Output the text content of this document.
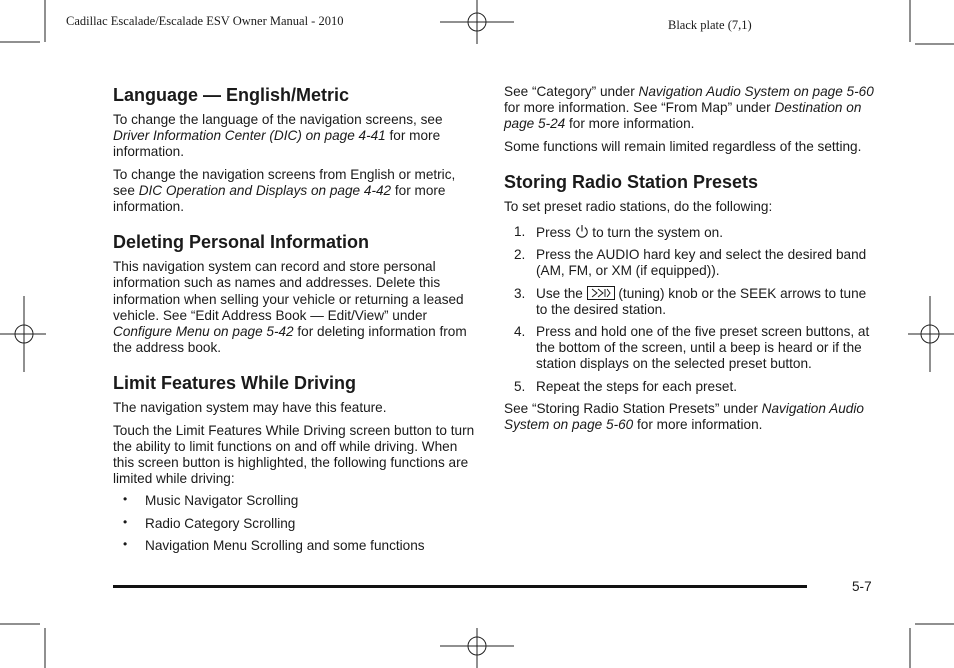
Cadillac Escalade/Escalade ESV Owner Manual - 2010	Black plate (7,1)
Language — English/Metric

To change the language of the navigation screens, see Driver Information Center (DIC) on page 4-41 for more information.

To change the navigation screens from English or metric, see DIC Operation and Displays on page 4-42 for more information.

Deleting Personal Information

This navigation system can record and store personal information such as names and addresses. Delete this information when selling your vehicle or returning a leased vehicle. See “Edit Address Book — Edit/View” under Configure Menu on page 5-42 for deleting information from the address book.

Limit Features While Driving

The navigation system may have this feature.

Touch the Limit Features While Driving screen button to turn the ability to limit functions on and off while driving. When this screen button is highlighted, the following functions are limited while driving:

• Music Navigator Scrolling
• Radio Category Scrolling
• Navigation Menu Scrolling and some functions

See “Category” under Navigation Audio System on page 5-60 for more information. See “From Map” under Destination on page 5-24 for more information.

Some functions will remain limited regardless of the setting.

Storing Radio Station Presets

To set preset radio stations, do the following:

1. Press  to turn the system on.
2. Press the AUDIO hard key and select the desired band (AM, FM, or XM (if equipped)).
3. Use the  (tuning) knob or the SEEK arrows to tune to the desired station.
4. Press and hold one of the five preset screen buttons, at the bottom of the screen, until a beep is heard or if the station displays on the selected preset button.
5. Repeat the steps for each preset.

See “Storing Radio Station Presets” under Navigation Audio System on page 5-60 for more information.

5-7
